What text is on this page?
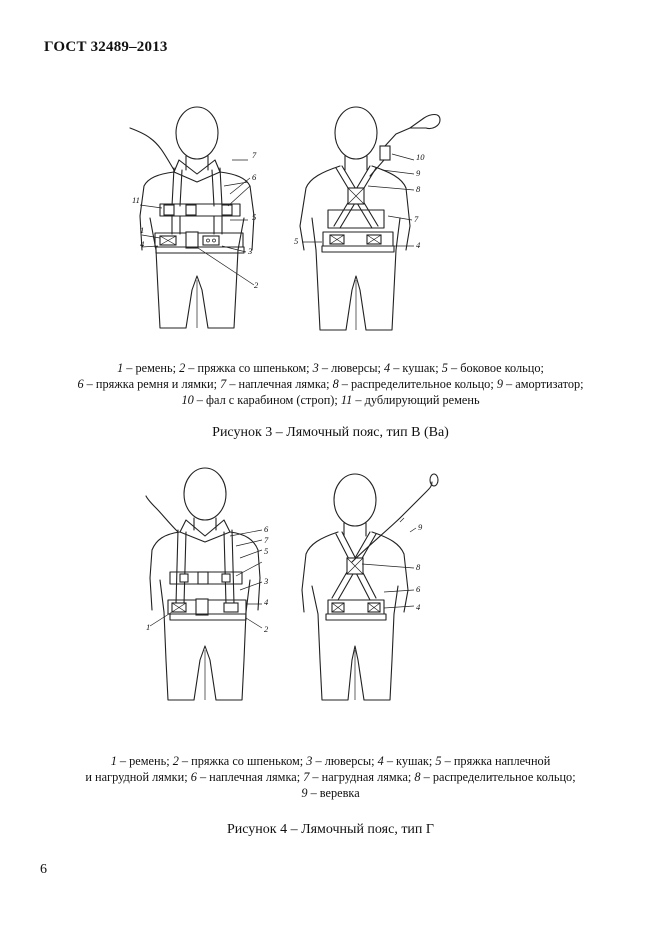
ГОСТ 32489–2013
7
6
11
5
1
4
3
2
10
9
8
7
5	4
1 – ремень; 2 – пряжка со шпеньком; 3 – люверсы; 4 – кушак; 5 – боковое кольцо;
6 – пряжка ремня и лямки; 7 – наплечная лямка; 8 – распределительное кольцо; 9 – амортизатор;
10 – фал с карабином (строп); 11 – дублирующий ремень
Рисунок 3 – Лямочный пояс, тип В (Ва)
6
7
5
3
4
1	2
9
8
6
4
1 – ремень; 2 – пряжка со шпеньком; 3 – люверсы; 4 – кушак; 5 – пряжка наплечной
и нагрудной лямки; 6 – наплечная лямка; 7 – нагрудная лямка; 8 – распределительное кольцо;
9 – веревка
Рисунок 4 – Лямочный пояс, тип Г
6
